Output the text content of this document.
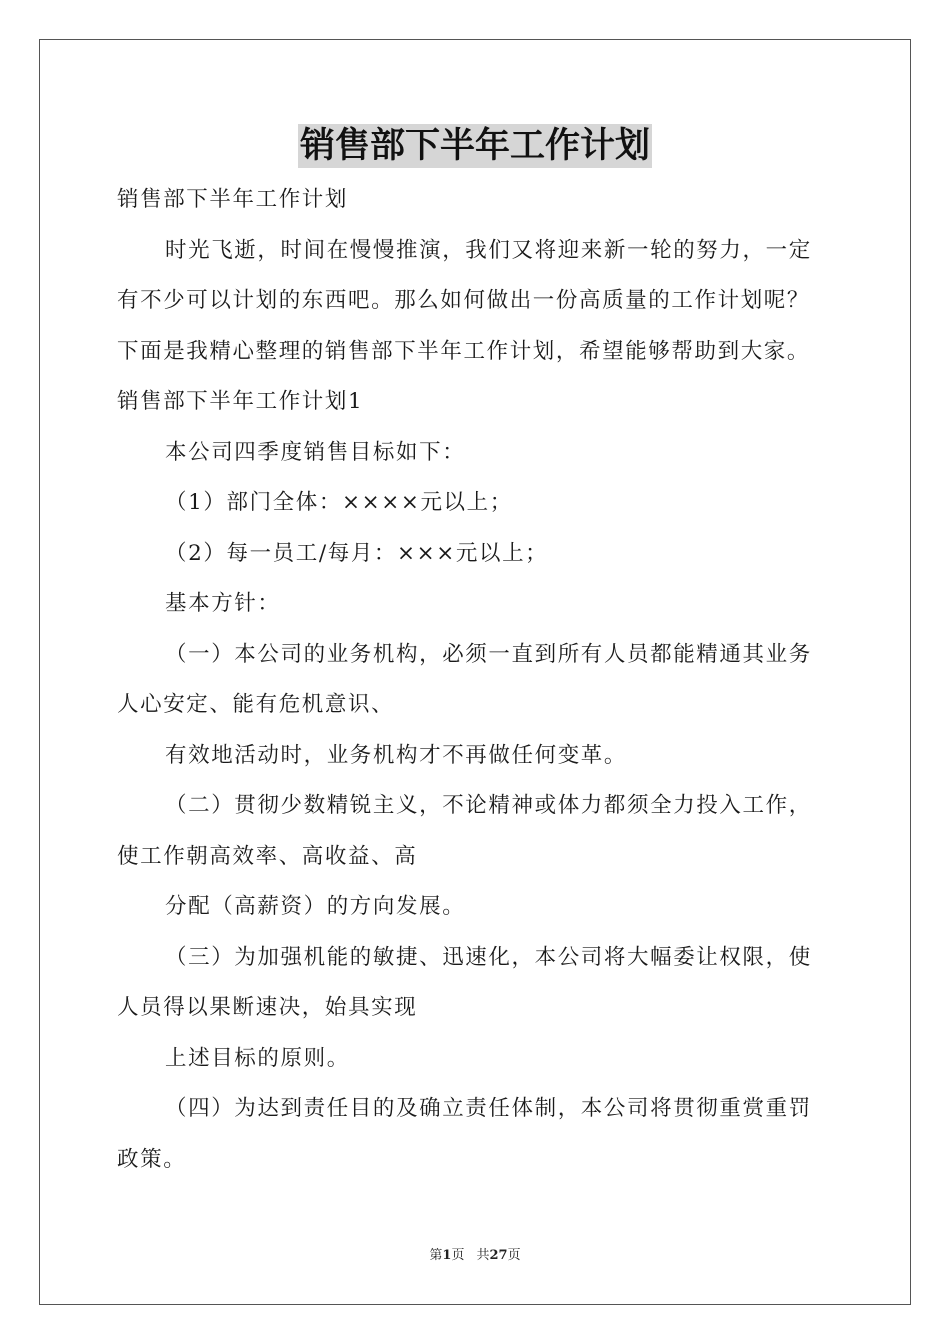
销售部下半年工作计划

销售部下半年工作计划

时光飞逝，时间在慢慢推演，我们又将迎来新一轮的努力，一定

有不少可以计划的东西吧。那么如何做出一份高质量的工作计划呢？

下面是我精心整理的销售部下半年工作计划，希望能够帮助到大家。

销售部下半年工作计划1

本公司四季度销售目标如下：

（1）部门全体：××××元以上；

（2）每一员工/每月：×××元以上；

基本方针：

（一）本公司的业务机构，必须一直到所有人员都能精通其业务

人心安定、能有危机意识、

有效地活动时，业务机构才不再做任何变革。

（二）贯彻少数精锐主义，不论精神或体力都须全力投入工作，

使工作朝高效率、高收益、高

分配（高薪资）的方向发展。

（三）为加强机能的敏捷、迅速化，本公司将大幅委让权限，使

人员得以果断速决，始具实现

上述目标的原则。

（四）为达到责任目的及确立责任体制，本公司将贯彻重赏重罚

政策。

第1页 共27页
